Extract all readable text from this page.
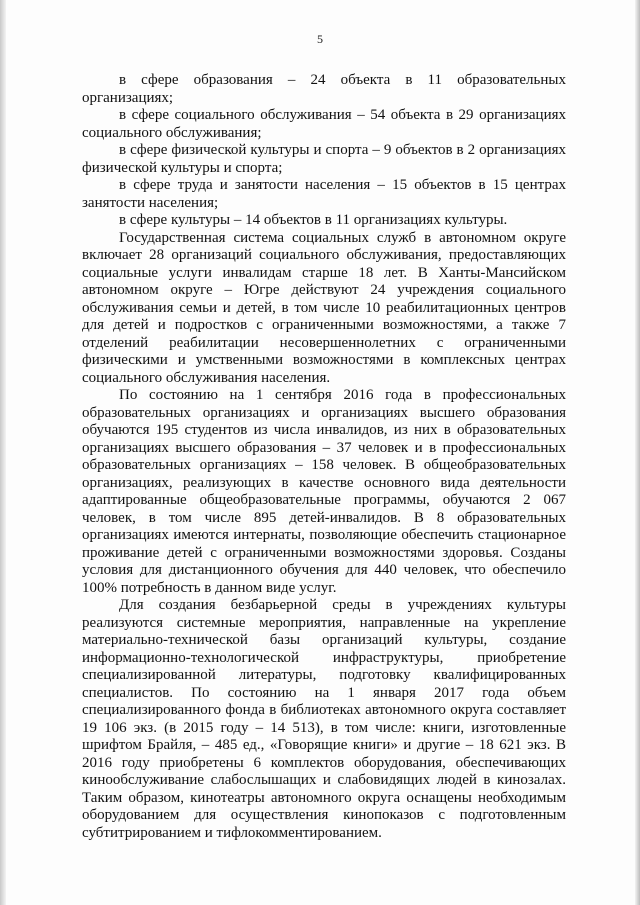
5

в сфере образования – 24 объекта в 11 образовательных организациях;

в сфере социального обслуживания – 54 объекта в 29 организациях социального обслуживания;

в сфере физической культуры и спорта – 9 объектов в 2 организациях физической культуры и спорта;

в сфере труда и занятости населения – 15 объектов в 15 центрах занятости населения;

в сфере культуры – 14 объектов в 11 организациях культуры.

Государственная система социальных служб в автономном округе включает 28 организаций социального обслуживания, предоставляющих социальные услуги инвалидам старше 18 лет. В Ханты-Мансийском автономном округе – Югре действуют 24 учреждения социального обслуживания семьи и детей, в том числе 10 реабилитационных центров для детей и подростков с ограниченными возможностями, а также 7 отделений реабилитации несовершеннолетних с ограниченными физическими и умственными возможностями в комплексных центрах социального обслуживания населения.

По состоянию на 1 сентября 2016 года в профессиональных образовательных организациях и организациях высшего образования обучаются 195 студентов из числа инвалидов, из них в образовательных организациях высшего образования – 37 человек и в профессиональных образовательных организациях – 158 человек. В общеобразовательных организациях, реализующих в качестве основного вида деятельности адаптированные общеобразовательные программы, обучаются 2 067 человек, в том числе 895 детей-инвалидов. В 8 образовательных организациях имеются интернаты, позволяющие обеспечить стационарное проживание детей с ограниченными возможностями здоровья. Созданы условия для дистанционного обучения для 440 человек, что обеспечило 100% потребность в данном виде услуг.

Для создания безбарьерной среды в учреждениях культуры реализуются системные мероприятия, направленные на укрепление материально-технической базы организаций культуры, создание информационно-технологической инфраструктуры, приобретение специализированной литературы, подготовку квалифицированных специалистов. По состоянию на 1 января 2017 года объем специализированного фонда в библиотеках автономного округа составляет 19 106 экз. (в 2015 году – 14 513), в том числе: книги, изготовленные шрифтом Брайля, – 485 ед., «Говорящие книги» и другие – 18 621 экз. В 2016 году приобретены 6 комплектов оборудования, обеспечивающих кинообслуживание слабослышащих и слабовидящих людей в кинозалах. Таким образом, кинотеатры автономного округа оснащены необходимым оборудованием для осуществления кинопоказов с подготовленным субтитрированием и тифлокомментированием.
